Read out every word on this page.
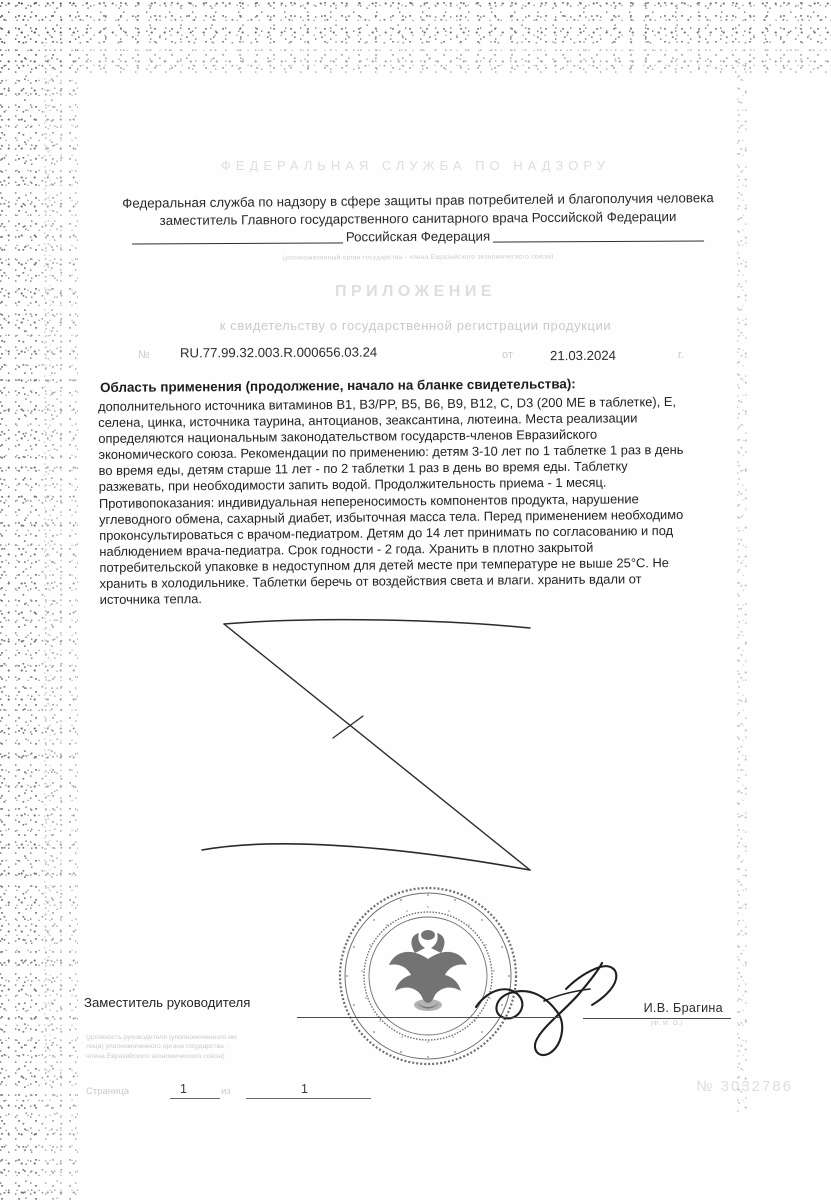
ФЕДЕРАЛЬНАЯ СЛУЖБА ПО НАДЗОРУ
Федеральная служба по надзору в сфере защиты прав потребителей и благополучия человека
заместитель Главного государственного санитарного врача Российской Федерации
Российская Федерация
(уполномоченный орган государства - члена Евразийского экономического союза)
ПРИЛОЖЕНИЕ
к свидетельству о государственной регистрации продукции
№ RU.77.99.32.003.R.000656.03.24	от	21.03.2024	г.
Область применения (продолжение, начало на бланке свидетельства):
дополнительного источника витаминов B1, B3/PP, B5, B6, B9, B12, C, D3 (200 МЕ в таблетке), Е,
селена, цинка, источника таурина, антоцианов, зеаксантина, лютеина. Места реализации
определяются национальным законодательством государств-членов Евразийского
экономического союза. Рекомендации по применению: детям 3-10 лет по 1 таблетке 1 раз в день
во время еды, детям старше 11 лет - по 2 таблетки 1 раз в день во время еды. Таблетку
разжевать, при необходимости запить водой. Продолжительность приема - 1 месяц.
Противопоказания: индивидуальная непереносимость компонентов продукта, нарушение
углеводного обмена, сахарный диабет, избыточная масса тела. Перед применением необходимо
проконсультироваться с врачом-педиатром. Детям до 14 лет принимать по согласованию и под
наблюдением врача-педиатра. Срок годности - 2 года. Хранить в плотно закрытой
потребительской упаковке в недоступном для детей месте при температуре не выше 25°C. Не
хранить в холодильнике. Таблетки беречь от воздействия света и влаги. хранить вдали от
источника тепла.
Заместитель руководителя	И.В. Брагина
(Ф. И. О.)
(должность руководителя (уполномоченного им
лица) уполномоченного органа государства -
члена Евразийского экономического союза)
Страница	1	из	1	№ 3032786
